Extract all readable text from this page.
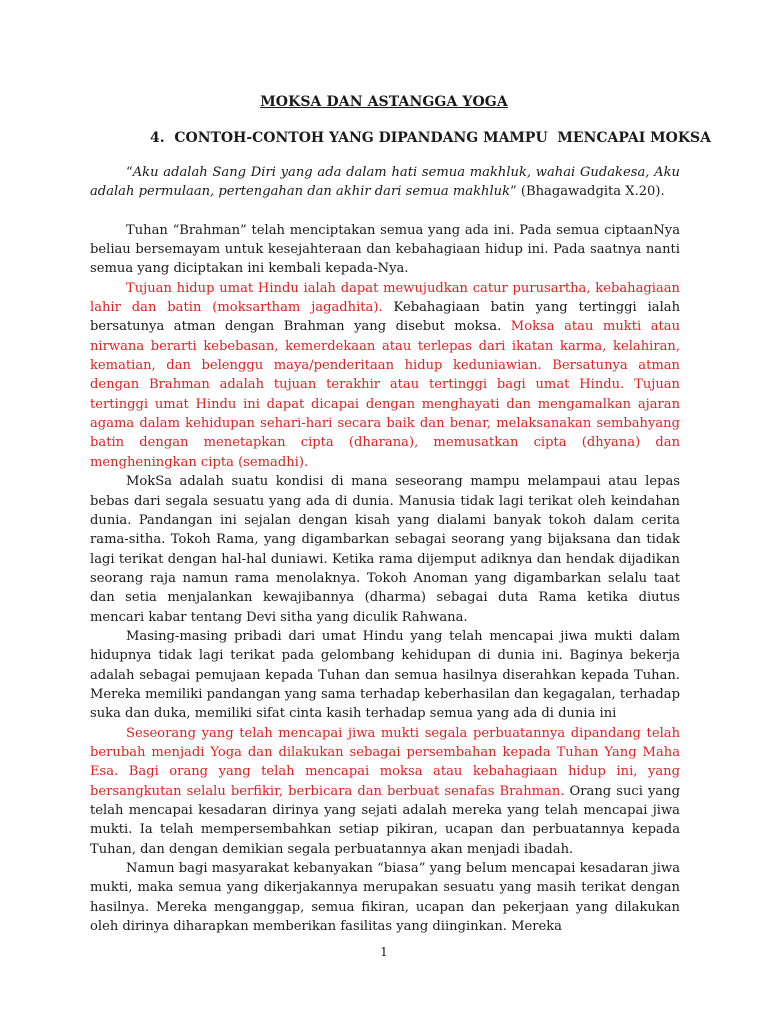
MOKSA DAN ASTANGGA YOGA
4.  CONTOH-CONTOH YANG DIPANDANG MAMPU  MENCAPAI MOKSA

“Aku adalah Sang Diri yang ada dalam hati semua makhluk, wahai Gudakesa, Aku adalah permulaan, pertengahan dan akhir dari semua makhluk” (Bhagawadgita X.20).

Tuhan “Brahman” telah menciptakan semua yang ada ini. Pada semua ciptaanNya beliau bersemayam untuk kesejahteraan dan kebahagiaan hidup ini. Pada saatnya nanti semua yang diciptakan ini kembali kepada-Nya.

Tujuan hidup umat Hindu ialah dapat mewujudkan catur purusartha, kebahagiaan lahir dan batin (moksartham jagadhita). Kebahagiaan batin yang tertinggi ialah bersatunya atman dengan Brahman yang disebut moksa. Moksa atau mukti atau nirwana berarti kebebasan, kemerdekaan atau terlepas dari ikatan karma, kelahiran, kematian, dan belenggu maya/penderitaan hidup keduniawian. Bersatunya atman dengan Brahman adalah tujuan terakhir atau tertinggi bagi umat Hindu. Tujuan tertinggi umat Hindu ini dapat dicapai dengan menghayati dan mengamalkan ajaran agama dalam kehidupan sehari-hari secara baik dan benar, melaksanakan sembahyang batin dengan menetapkan cipta (dharana), memusatkan cipta (dhyana) dan mengheningkan cipta (semadhi).

MokSa adalah suatu kondisi di mana seseorang mampu melampaui atau lepas bebas dari segala sesuatu yang ada di dunia. Manusia tidak lagi terikat oleh keindahan dunia. Pandangan ini sejalan dengan kisah yang dialami banyak tokoh dalam cerita rama-sitha. Tokoh Rama, yang digambarkan sebagai seorang yang bijaksana dan tidak lagi terikat dengan hal-hal duniawi. Ketika rama dijemput adiknya dan hendak dijadikan seorang raja namun rama menolaknya. Tokoh Anoman yang digambarkan selalu taat dan setia menjalankan kewajibannya (dharma) sebagai duta Rama ketika diutus mencari kabar tentang Devi sitha yang diculik Rahwana.

Masing-masing pribadi dari umat Hindu yang telah mencapai jiwa mukti dalam hidupnya tidak lagi terikat pada gelombang kehidupan di dunia ini. Baginya bekerja adalah sebagai pemujaan kepada Tuhan dan semua hasilnya diserahkan kepada Tuhan. Mereka memiliki pandangan yang sama terhadap keberhasilan dan kegagalan, terhadap suka dan duka, memiliki sifat cinta kasih terhadap semua yang ada di dunia ini

Seseorang yang telah mencapai jiwa mukti segala perbuatannya dipandang telah berubah menjadi Yoga dan dilakukan sebagai persembahan kepada Tuhan Yang Maha Esa. Bagi orang yang telah mencapai moksa atau kebahagiaan hidup ini, yang bersangkutan selalu berfikir, berbicara dan berbuat senafas Brahman. Orang suci yang telah mencapai kesadaran dirinya yang sejati adalah mereka yang telah mencapai jiwa mukti. Ia telah mempersembahkan setiap pikiran, ucapan dan perbuatannya kepada Tuhan, dan dengan demikian segala perbuatannya akan menjadi ibadah.

Namun bagi masyarakat kebanyakan “biasa” yang belum mencapai kesadaran jiwa mukti, maka semua yang dikerjakannya merupakan sesuatu yang masih terikat dengan hasilnya. Mereka menganggap, semua fikiran, ucapan dan pekerjaan yang dilakukan oleh dirinya diharapkan memberikan fasilitas yang diinginkan. Mereka

1
